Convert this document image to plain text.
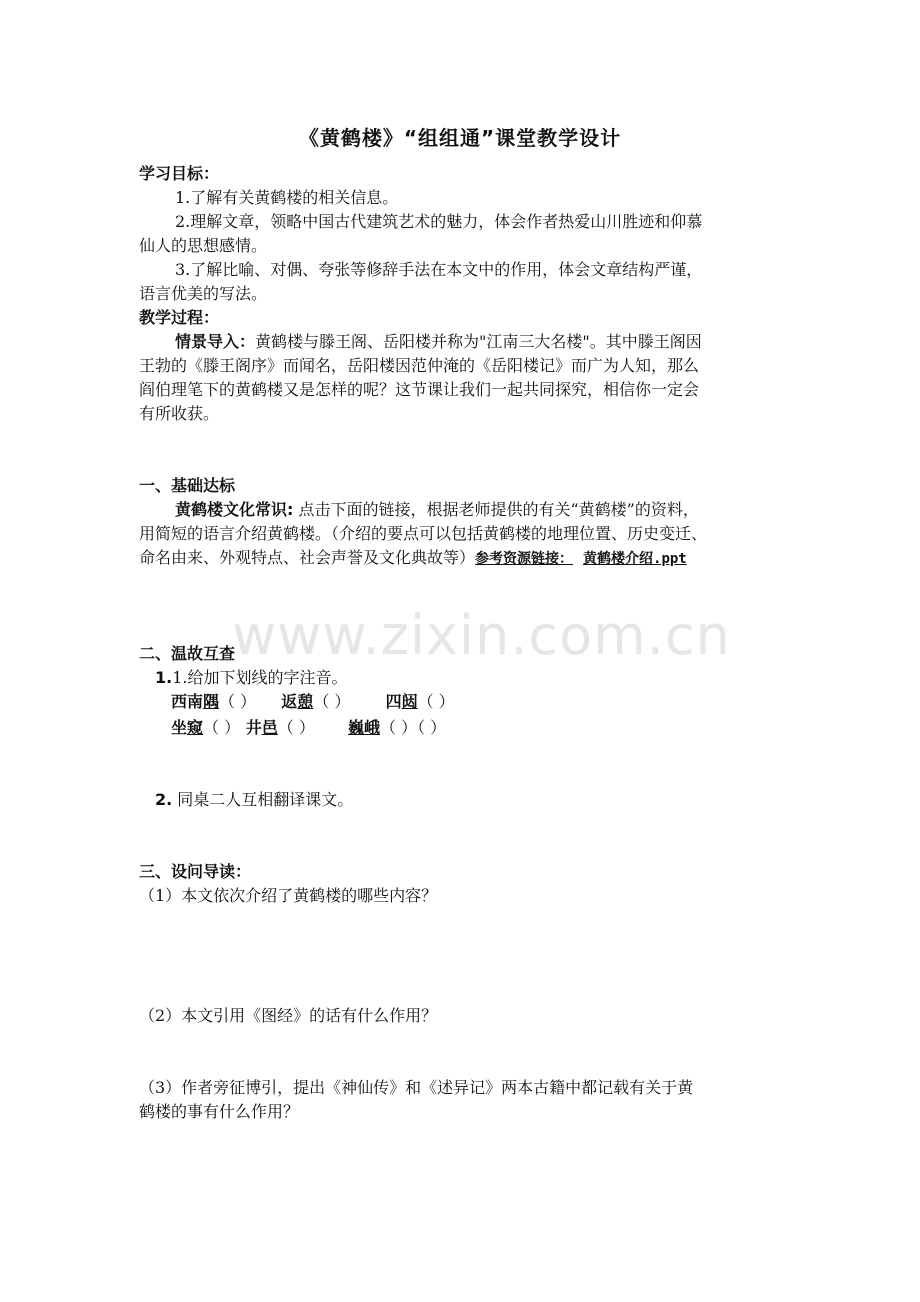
www.zixin.com.cn
《黄鹤楼》“组组通”课堂教学设计
学习目标：
1.了解有关黄鹤楼的相关信息。
2.理解文章，领略中国古代建筑艺术的魅力，体会作者热爱山川胜迹和仰慕
仙人的思想感情。
3.了解比喻、对偶、夸张等修辞手法在本文中的作用，体会文章结构严谨，
语言优美的写法。
教学过程：
情景导入：黄鹤楼与滕王阁、岳阳楼并称为"江南三大名楼"。其中滕王阁因
王勃的《滕王阁序》而闻名，岳阳楼因范仲淹的《岳阳楼记》而广为人知，那么
阎伯理笔下的黄鹤楼又是怎样的呢？这节课让我们一起共同探究，相信你一定会
有所收获。
一、基础达标
黄鹤楼文化常识: 点击下面的链接，根据老师提供的有关“黄鹤楼”的资料，
用简短的语言介绍黄鹤楼。（介绍的要点可以包括黄鹤楼的地理位置、历史变迁、
命名由来、外观特点、社会声誉及文化典故等）参考资源链接： 黄鹤楼介绍.ppt
二、温故互查
1.1.给加下划线的字注音。
西南隅（ ） 返憩（ ） 四闼（ ）
坐窥（ ） 井邑（ ） 巍峨（ ）（ ）
2. 同桌二人互相翻译课文。
三、设问导读：
（1）本文依次介绍了黄鹤楼的哪些内容？
（2）本文引用《图经》的话有什么作用？
（3）作者旁征博引，提出《神仙传》和《述异记》两本古籍中都记载有关于黄
鹤楼的事有什么作用？
